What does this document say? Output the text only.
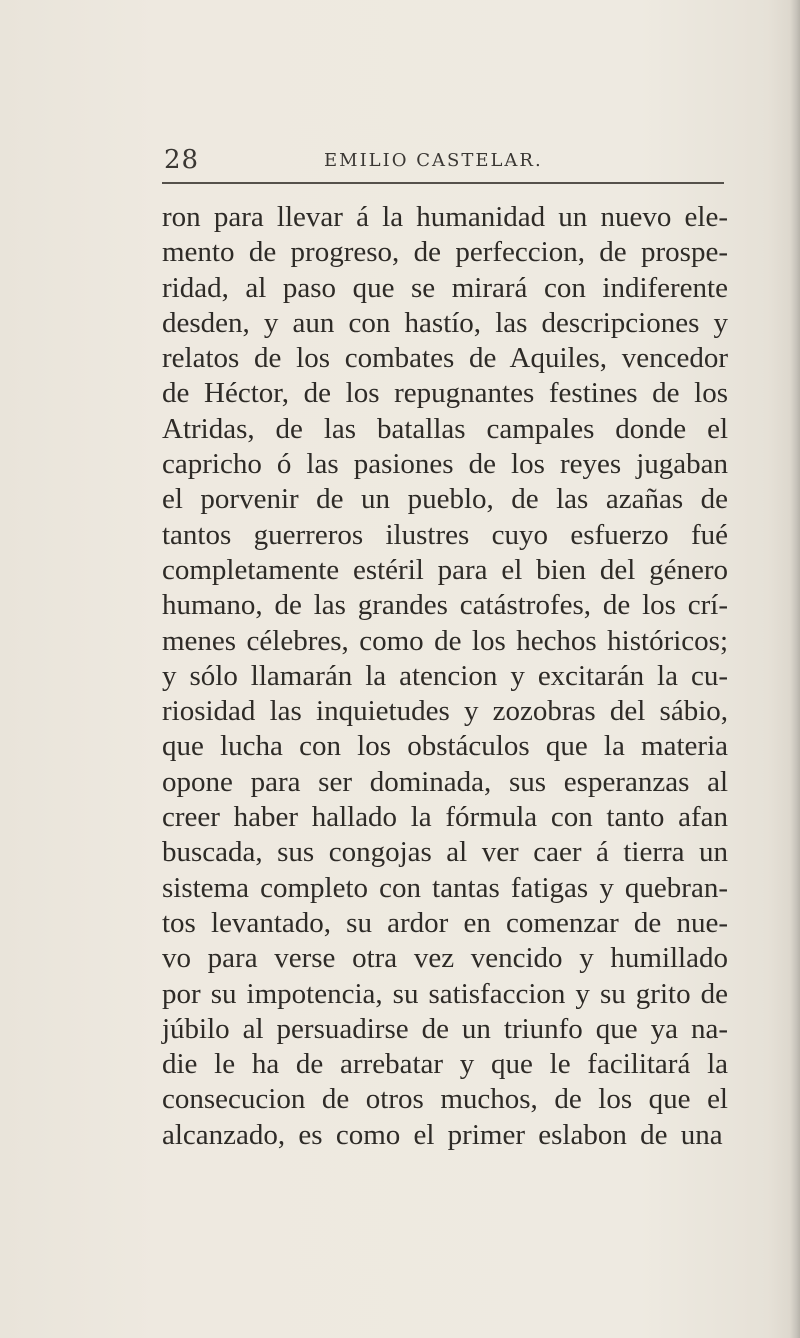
28	EMILIO CASTELAR.
ron para llevar á la humanidad un nuevo ele-
mento de progreso, de perfeccion, de prospe-
ridad, al paso que se mirará con indiferente
desden, y aun con hastío, las descripciones y
relatos de los combates de Aquiles, vencedor
de Héctor, de los repugnantes festines de los
Atridas, de las batallas campales donde el
capricho ó las pasiones de los reyes jugaban
el porvenir de un pueblo, de las azañas de
tantos guerreros ilustres cuyo esfuerzo fué
completamente estéril para el bien del género
humano, de las grandes catástrofes, de los crí-
menes célebres, como de los hechos históricos;
y sólo llamarán la atencion y excitarán la cu-
riosidad las inquietudes y zozobras del sábio,
que lucha con los obstáculos que la materia
opone para ser dominada, sus esperanzas al
creer haber hallado la fórmula con tanto afan
buscada, sus congojas al ver caer á tierra un
sistema completo con tantas fatigas y quebran-
tos levantado, su ardor en comenzar de nue-
vo para verse otra vez vencido y humillado
por su impotencia, su satisfaccion y su grito de
júbilo al persuadirse de un triunfo que ya na-
die le ha de arrebatar y que le facilitará la
consecucion de otros muchos, de los que el
alcanzado, es como el primer eslabon de una
